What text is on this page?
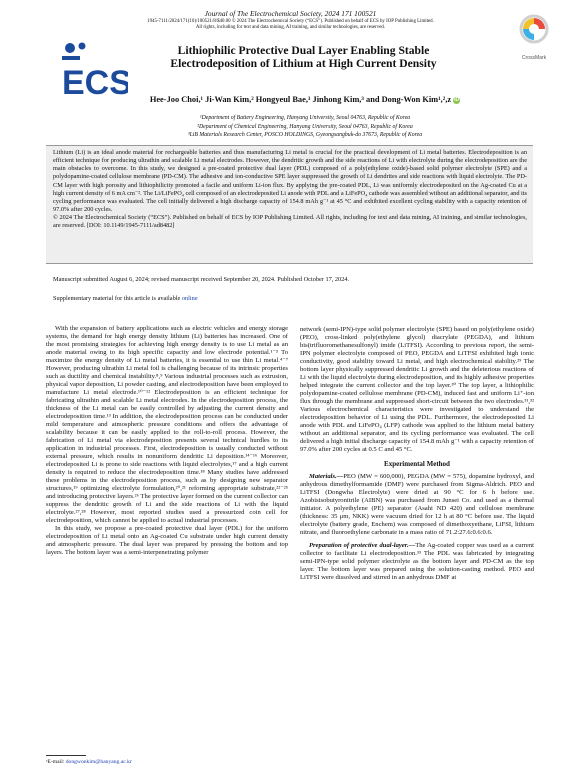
Journal of The Electrochemical Society, 2024 171 100521
1945-7111/2024/171(10)/100521/8/$40.00 © 2024 The Electrochemical Society (“ECS”). Published on behalf of ECS by IOP Publishing Limited.
All rights, including for text and data mining, AI training, and similar technologies, are reserved.
ECS
CrossMark
Lithiophilic Protective Dual Layer Enabling Stable
Electrodeposition of Lithium at High Current Density
Hee-Joo Choi,¹ Ji-Wan Kim,² Hongyeul Bae,³ Jinhong Kim,³ and Dong-Won Kim¹,²,z iD
¹Department of Battery Engineering, Hanyang University, Seoul 04763, Republic of Korea
²Department of Chemical Engineering, Hanyang University, Seoul 04763, Republic of Korea
³LiB Materials Research Center, POSCO HOLDINGS, Gyeongsangbuk-do 37673, Republic of Korea

Lithium (Li) is an ideal anode material for rechargeable batteries and thus manufacturing Li metal is crucial for the practical development of Li metal batteries. Electrodeposition is an efficient technique for producing ultrathin and scalable Li metal electrodes. However, the dendritic growth and the side reactions of Li with electrolyte during the electrodeposition are the main obstacles to overcome. In this study, we designed a pre-coated protective dual layer (PDL) composed of a poly(ethylene oxide)-based solid polymer electrolyte (SPE) and a polydopamine-coated cellulose membrane (PD-CM). The adhesive and ion-conductive SPE layer suppressed the growth of Li dendrites and side reactions with liquid electrolyte. The PD-CM layer with high porosity and lithiophilicity promoted a facile and uniform Li-ion flux. By applying the pre-coated PDL, Li was uniformly electrodeposited on the Ag-coated Cu at a high current density of 6 mA cm⁻². The Li/LiFePO₄ cell composed of an electrodeposited Li anode with PDL and a LiFePO₄ cathode was assembled without an additional separator, and its cycling performance was evaluated. The cell initially delivered a high discharge capacity of 154.8 mAh g⁻¹ at 45 °C and exhibited excellent cycling stability with a capacity retention of 97.0% after 200 cycles.

© 2024 The Electrochemical Society (“ECS”). Published on behalf of ECS by IOP Publishing Limited. All rights, including for text and data mining, AI training, and similar technologies, are reserved. [DOI: 10.1149/1945-7111/ad8482]

Manuscript submitted August 6, 2024; revised manuscript received September 20, 2024. Published October 17, 2024.
Supplementary material for this article is available online

With the expansion of battery applications such as electric vehicles and energy storage systems, the demand for high energy density lithium (Li) batteries has increased. One of the most promising strategies for achieving high energy density is to use Li metal as an anode material owing to its high specific capacity and low electrode potential.¹⁻³ To maximize the energy density of Li metal batteries, it is essential to use thin Li metal.⁴⁻⁷ However, producing ultrathin Li metal foil is challenging because of its intrinsic properties such as ductility and chemical instability.⁸,⁹ Various industrial processes such as extrusion, physical vapor deposition, Li powder casting, and electrodeposition have been employed to manufacture Li metal electrode.¹⁰⁻¹² Electrodeposition is an efficient technique for fabricating ultrathin and scalable Li metal electrodes. In the electrodeposition process, the thickness of the Li metal can be easily controlled by adjusting the current density and electrodeposition time.¹³ In addition, the electrodeposition process can be conducted under mild temperature and atmospheric pressure conditions and offers the advantage of scalability because it can be easily applied to the roll-to-roll process. However, the fabrication of Li metal via electrodeposition presents several technical hurdles to its application in industrial processes. First, electrodeposition is usually conducted without external pressure, which results in nonuniform dendritic Li deposition.¹⁴⁻¹⁶ Moreover, electrodeposited Li is prone to side reactions with liquid electrolytes,¹⁷ and a high current density is required to reduce the electrodeposition time.¹⁸ Many studies have addressed these problems in the electrodeposition process, such as by designing new separator structures,¹⁹ optimizing electrolyte formulation,²⁰,²¹ reforming appropriate substrate,²²⁻²⁵ and introducing protective layers.²⁶ The protective layer formed on the current collector can suppress the dendritic growth of Li and the side reactions of Li with the liquid electrolyte.²⁷,²⁸ However, most reported studies used a pressurized coin cell for electrodeposition, which cannot be applied to actual industrial processes.

In this study, we propose a pre-coated protective dual layer (PDL) for the uniform electrodeposition of Li metal onto an Ag-coated Cu substrate under high current density and atmospheric pressure. The dual layer was prepared by pressing the bottom and top layers. The bottom layer was a semi-interpenetrating polymer

network (semi-IPN)-type solid polymer electrolyte (SPE) based on poly(ethylene oxide) (PEO), cross-linked poly(ethylene glycol) diacrylate (PEGDA), and lithium bis(trifluoromethanesulfonyl) imide (LiTFSI). According to previous report, the semi-IPN polymer electrolyte composed of PEO, PEGDA and LiTFSI exhibited high ionic conductivity, good stability toward Li metal, and high electrochemical stability.²⁹ The bottom layer physically suppressed dendritic Li growth and the deleterious reactions of Li with the liquid electrolyte during electrodeposition, and its highly adhesive properties helped integrate the current collector and the top layer.³⁰ The top layer, a lithiophilic polydopamine-coated cellulose membrane (PD-CM), induced fast and uniform Li⁺-ion flux through the membrane and suppressed short-circuit between the two electrodes.³¹,³² Various electrochemical characteristics were investigated to understand the electrodeposition behavior of Li using the PDL. Furthermore, the electrodeposited Li anode with PDL and LiFePO₄ (LFP) cathode was applied to the lithium metal battery without an additional separator, and its cycling performance was evaluated. The cell delivered a high initial discharge capacity of 154.8 mAh g⁻¹ with a capacity retention of 97.0% after 200 cycles at 0.5 C and 45 °C.

Experimental Method

Materials.—PEO (MW = 600,000), PEGDA (MW = 575), dopamine hydroxyl, and anhydrous dimethylformamide (DMF) were purchased from Sigma-Aldrich. PEO and LiTFSI (Dongwha Electrolyte) were dried at 90 °C for 6 h before use. Azobisisobutyronitrile (AIBN) was purchased from Junsei Co. and used as a thermal initiator. A polyethylene (PE) separator (Asahi ND 420) and cellulose membrane (thickness: 35 μm, NKK) were vacuum dried for 12 h at 80 °C before use. The liquid electrolyte (battery grade, Enchem) was composed of dimethoxyethane, LiFSI, lithium nitrate, and fluoroethylene carbonate in a mass ratio of 71.2:27.6:0.6:0.6.

Preparation of protective dual-layer.—The Ag-coated copper was used as a current collector to facilitate Li electrodeposition.³³ The PDL was fabricated by integrating semi-IPN-type solid polymer electrolyte as the bottom layer and PD-CM as the top layer. The bottom layer was prepared using the solution-casting method. PEO and LiTFSI were dissolved and stirred in an anhydrous DMF at

ᶻE-mail: dongwonkim@hanyang.ac.kr
